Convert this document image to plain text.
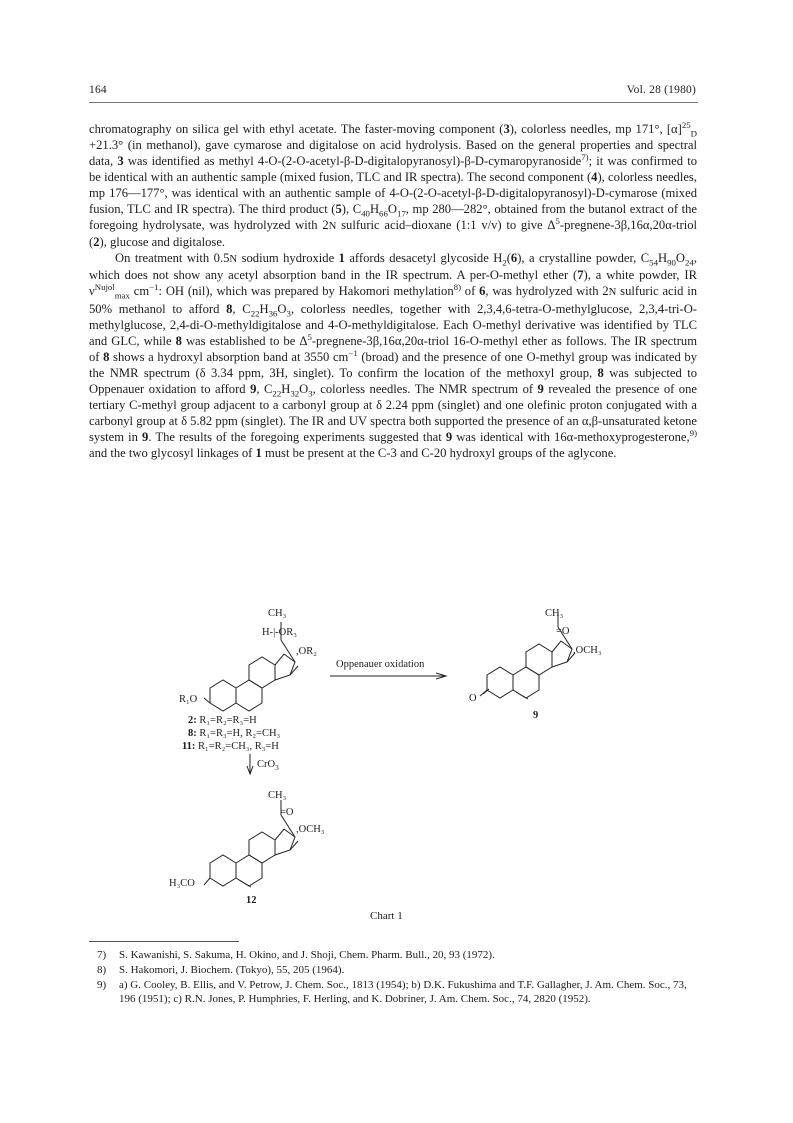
164	Vol. 28 (1980)

chromatography on silica gel with ethyl acetate. The faster-moving component (3), colorless needles, mp 171°, $[\alpha]^{25}_D +21.3^\circ$ (in methanol), gave cymarose and digitalose on acid hydrolysis. Based on the general properties and spectral data, 3 was identified as methyl 4-O-(2-O-acetyl-β-D-digitalopyranosyl)-β-D-cymaropyranoside$^{7)}$; it was confirmed to be identical with an authentic sample (mixed fusion, TLC and IR spectra). The second component (4), colorless needles, mp 176—177°, was identical with an authentic sample of 4-O-(2-O-acetyl-β-D-digitalopyranosyl)-D-cymarose (mixed fusion, TLC and IR spectra). The third product (5), $C_{40}H_{66}O_{17}$, mp 280—282°, obtained from the butanol extract of the foregoing hydrolysate, was hydrolyzed with 2N sulfuric acid–dioxane (1:1 v/v) to give $\Delta^5-pregnene-3\beta,16\alpha,20\alpha$-triol (2), glucose and digitalose.

On treatment with 0.5N sodium hydroxide 1 affords desacetyl glycoside $H_2(6)$, a crystalline powder, $C_{54}H_{90}O_{24}$, which does not show any acetyl absorption band in the IR spectrum. A per-O-methyl ether (7), a white powder, IR $\nu^{Nujol}_{max}$ $cm^{-1}$: OH (nil), which was prepared by Hakomori methylation$^{8)}$ of 6, was hydrolyzed with 2N sulfuric acid in 50% methanol to afford 8, $C_{22}H_{36}O_3$, colorless needles, together with 2,3,4,6-tetra-O-methylglucose, 2,3,4-tri-O-methylglucose, 2,4-di-O-methyldigitalose and 4-O-methyldigitalose. Each O-methyl derivative was identified by TLC and GLC, while 8 was established to be $\Delta^5-pregnene-3\beta,16\alpha,20\alpha$-triol 16-O-methyl ether as follows. The IR spectrum of 8 shows a hydroxyl absorption band at 3550 $cm^{-1}$ (broad) and the presence of one O-methyl group was indicated by the NMR spectrum (δ 3.34 ppm, 3H, singlet). To confirm the location of the methoxyl group, 8 was subjected to Oppenauer oxidation to afford 9, $C_{22}H_{32}O_3$, colorless needles. The NMR spectrum of 9 revealed the presence of one tertiary C-methyl group adjacent to a carbonyl group at δ 2.24 ppm (singlet) and one olefinic proton conjugated with a carbonyl group at δ 5.82 ppm (singlet). The IR and UV spectra both supported the presence of an α,β-unsaturated ketone system in 9. The results of the foregoing experiments suggested that 9 was identical with 16α-methoxyprogesterone,$^{9)}$ and the two glycosyl linkages of 1 must be present at the C-3 and C-20 hydroxyl groups of the aglycone.

CH₃
H-|-OR₃
,OR₂
R₁O
2: R₁=R₂=R₃=H
8: R₁=R₃=H, R₂=CH₃
11: R₁=R₂=CH₃, R₃=H
Oppenauer oxidation
CrO$_3$
CH₃
=O
,OCH₃
O
9
CH₃
=O
,OCH₃
H₃CO
12
Chart 1
7) S. Kawanishi, S. Sakuma, H. Okino, and J. Shoji, Chem. Pharm. Bull., 20, 93 (1972).
8) S. Hakomori, J. Biochem. (Tokyo), 55, 205 (1964).
9) a) G. Cooley, B. Ellis, and V. Petrow, J. Chem. Soc., 1813 (1954); b) D.K. Fukushima and T.F. Gallagher, J. Am. Chem. Soc., 73, 196 (1951); c) R.N. Jones, P. Humphries, F. Herling, and K. Dobriner, J. Am. Chem. Soc., 74, 2820 (1952).
